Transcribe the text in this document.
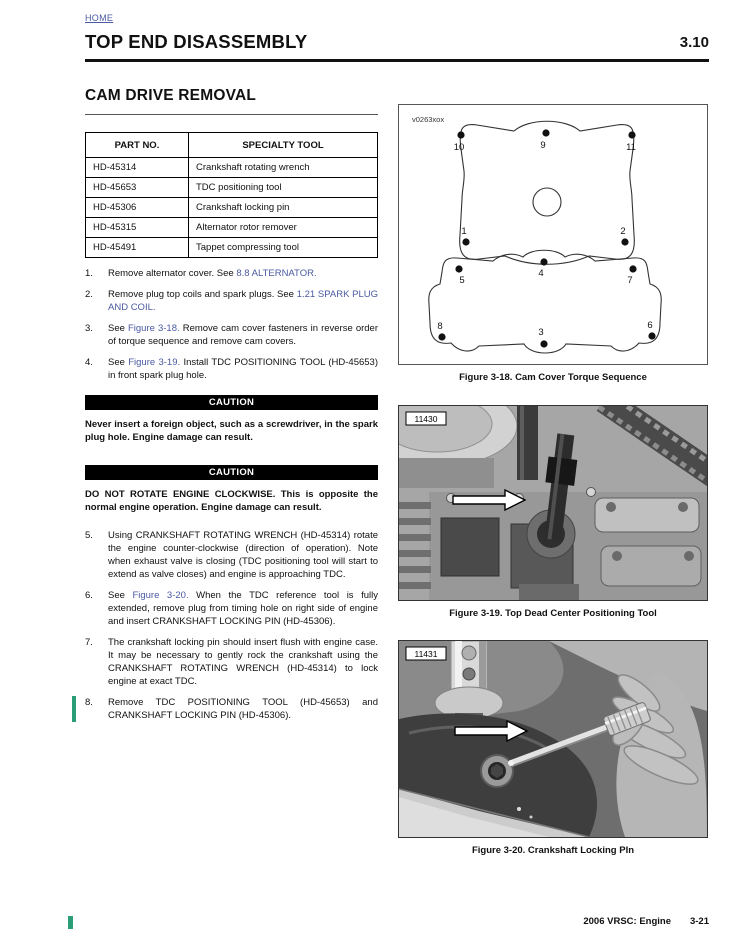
HOME
TOP END DISASSEMBLY	3.10
CAM DRIVE REMOVAL
PART NO.	SPECIALTY TOOL
HD-45314	Crankshaft rotating wrench
HD-45653	TDC positioning tool
HD-45306	Crankshaft locking pin
HD-45315	Alternator rotor remover
HD-45491	Tappet compressing tool
1.	Remove alternator cover. See 8.8 ALTERNATOR.
2.	Remove plug top coils and spark plugs. See 1.21 SPARK PLUG AND COIL.
3.	See Figure 3-18. Remove cam cover fasteners in reverse order of torque sequence and remove cam covers.
4.	See Figure 3-19. Install TDC POSITIONING TOOL (HD-45653) in front spark plug hole.
CAUTION
Never insert a foreign object, such as a screwdriver, in the spark plug hole. Engine damage can result.
CAUTION
DO NOT ROTATE ENGINE CLOCKWISE. This is opposite the normal engine operation. Engine damage can result.
5.	Using CRANKSHAFT ROTATING WRENCH (HD-45314) rotate the engine counter-clockwise (direction of operation). Note when exhaust valve is closing (TDC positioning tool will start to extend as valve closes) and engine is approaching TDC.
6.	See Figure 3-20. When the TDC reference tool is fully extended, remove plug from timing hole on right side of engine and insert CRANKSHAFT LOCKING PIN (HD-45306).
7.	The crankshaft locking pin should insert flush with engine case. It may be necessary to gently rock the crankshaft using the CRANKSHAFT ROTATING WRENCH (HD-45314) to lock engine at exact TDC.
8.	Remove TDC POSITIONING TOOL (HD-45653) and CRANKSHAFT LOCKING PIN (HD-45306).
v0263xox
10	9	11
1	2
5
4
7
8
3
6
Figure 3-18. Cam Cover Torque Sequence
11430
Figure 3-19. Top Dead Center Positioning Tool
11431
Figure 3-20. Crankshaft Locking PIn
2006 VRSC: Engine 3-21
